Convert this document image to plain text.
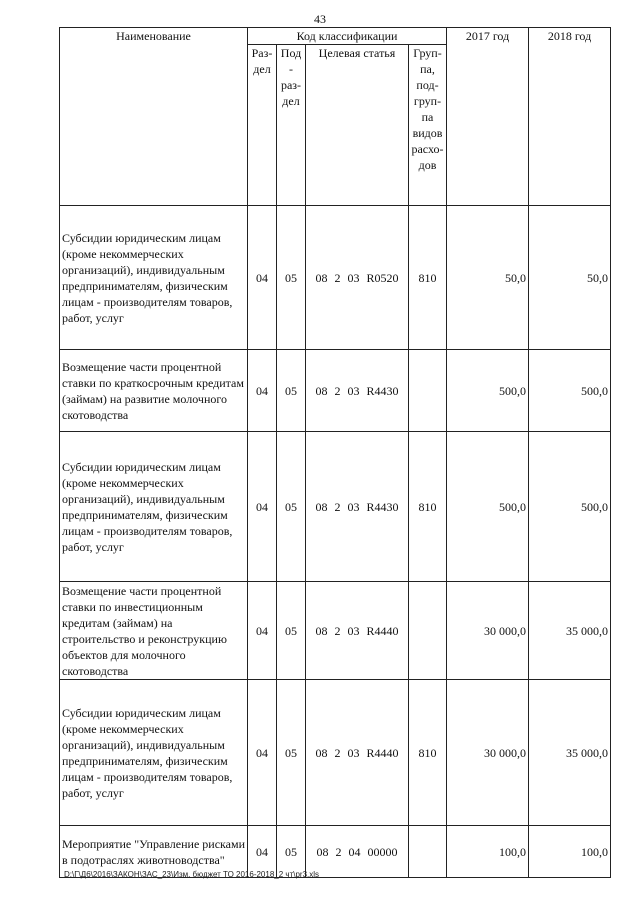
43
Наименование	Код классификации				2017 год	2018 год
	Раз- дел	Под- раз- дел	Целевая статья	Груп- па, под- груп- па видов расхо- дов		
Субсидии юридическим лицам (кроме некоммерческих организаций), индивидуальным предпринимателям, физическим лицам - производителям товаров, работ, услуг	04	05	08 2 03 R0520	810	50,0	50,0
Возмещение части процентной ставки по краткосрочным кредитам (займам) на развитие молочного скотоводства	04	05	08 2 03 R4430		500,0	500,0
Субсидии юридическим лицам (кроме некоммерческих организаций), индивидуальным предпринимателям, физическим лицам - производителям товаров, работ, услуг	04	05	08 2 03 R4430	810	500,0	500,0
Возмещение части процентной ставки по инвестиционным кредитам (займам) на строительство и реконструкцию объектов для молочного скотоводства	04	05	08 2 03 R4440		30 000,0	35 000,0
Субсидии юридическим лицам (кроме некоммерческих организаций), индивидуальным предпринимателям, физическим лицам - производителям товаров, работ, услуг	04	05	08 2 03 R4440	810	30 000,0	35 000,0
Мероприятие "Управление рисками в подотраслях животноводства"	04	05	08 2 04 00000		100,0	100,0
D:\Г\Д6\2016\ЗАКОН\ЗАС_23\Изм. бюджет ТО 2016-2018_2 чт\pr3.xls
